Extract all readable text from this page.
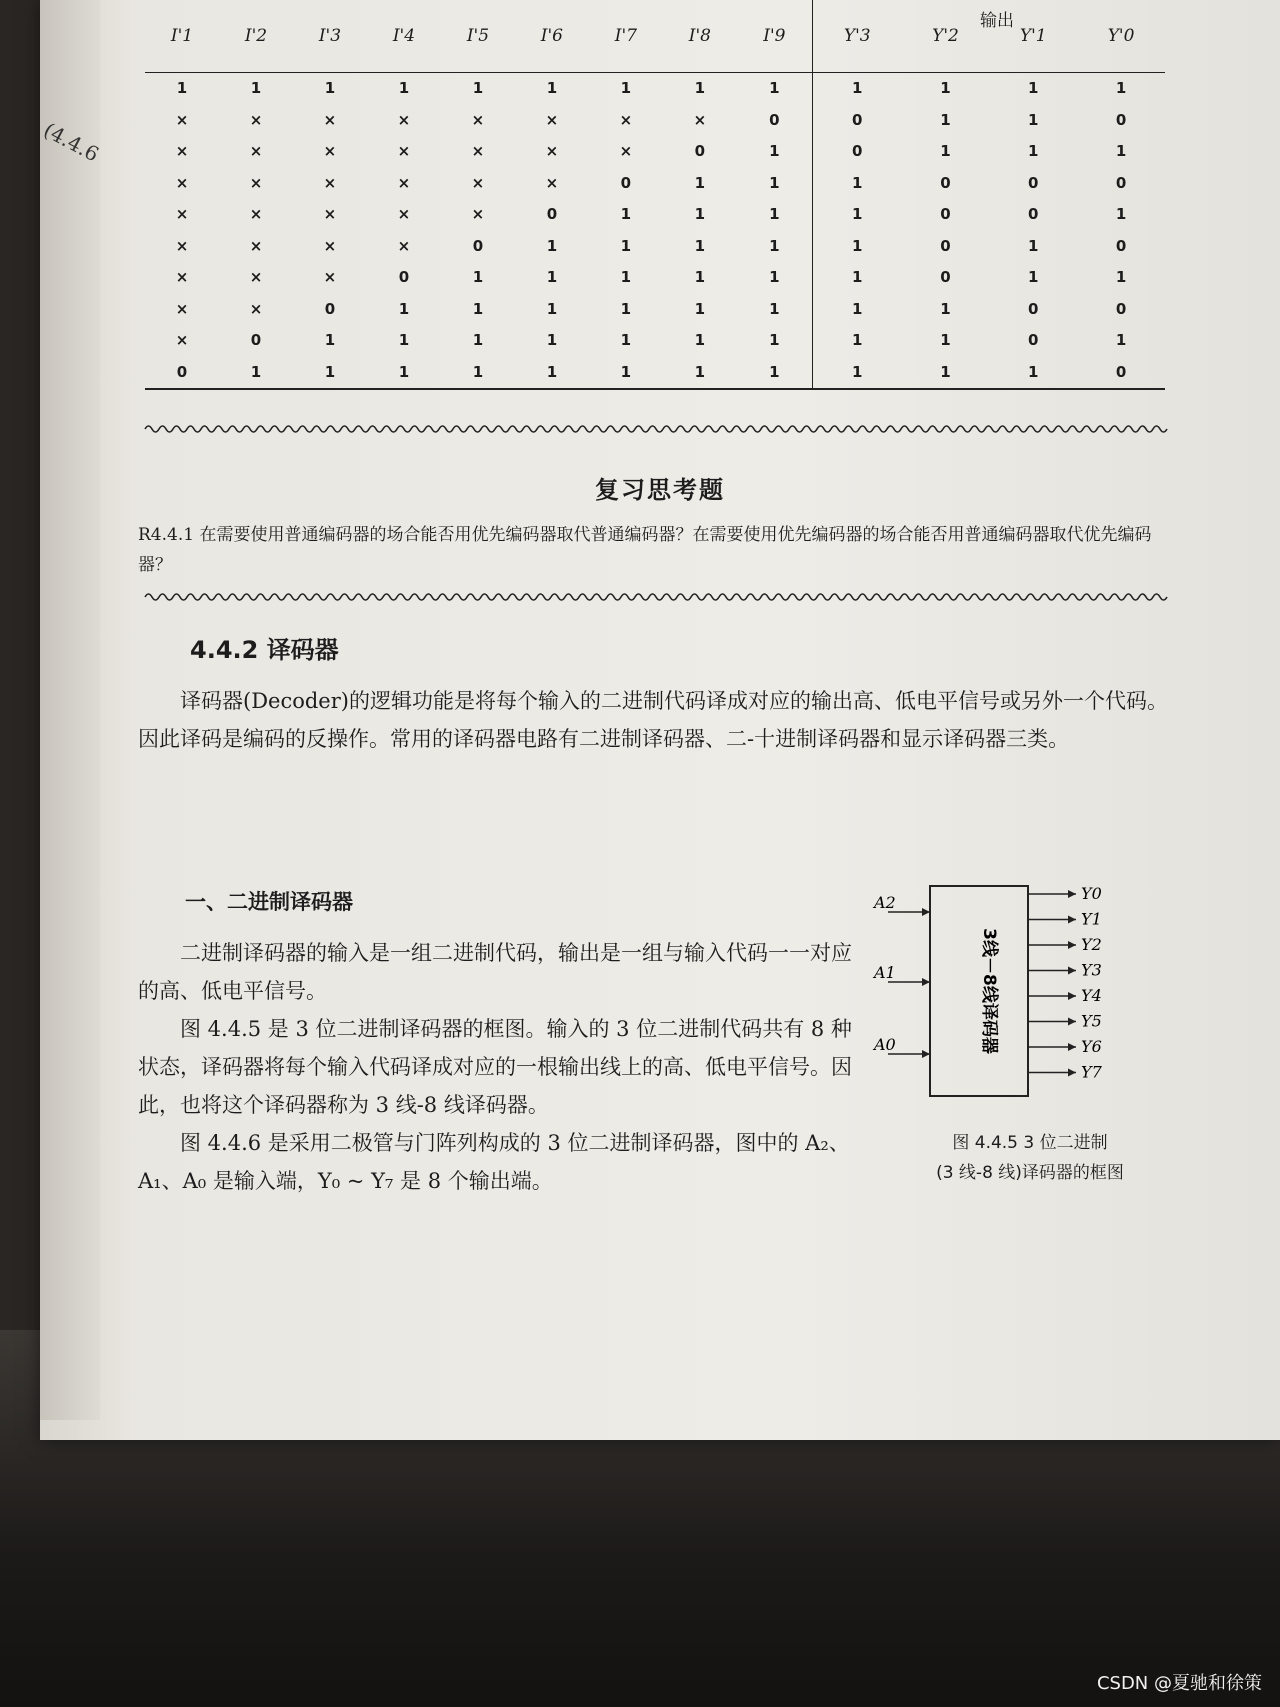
(4.4.6
输出
I'1	I'2	I'3	I'4	I'5	I'6	I'7	I'8	I'9	Y'3	Y'2	Y'1	Y'0
1	1	1	1	1	1	1	1	1	1	1	1	1
×	×	×	×	×	×	×	×	0	0	1	1	0
×	×	×	×	×	×	×	0	1	0	1	1	1
×	×	×	×	×	×	0	1	1	1	0	0	0
×	×	×	×	×	0	1	1	1	1	0	0	1
×	×	×	×	0	1	1	1	1	1	0	1	0
×	×	×	0	1	1	1	1	1	1	0	1	1
×	×	0	1	1	1	1	1	1	1	1	0	0
×	0	1	1	1	1	1	1	1	1	1	0	1
0	1	1	1	1	1	1	1	1	1	1	1	0
复习思考题
R4.4.1 在需要使用普通编码器的场合能否用优先编码器取代普通编码器？在需要使用优先编码器的场合能否用普通编码器取代优先编码器？
4.4.2 译码器
译码器(Decoder)的逻辑功能是将每个输入的二进制代码译成对应的输出高、低电平信号或另外一个代码。因此译码是编码的反操作。常用的译码器电路有二进制译码器、二-十进制译码器和显示译码器三类。
一、二进制译码器

二进制译码器的输入是一组二进制代码，输出是一组与输入代码一一对应的高、低电平信号。

图 4.4.5 是 3 位二进制译码器的框图。输入的 3 位二进制代码共有 8 种状态，译码器将每个输入代码译成对应的一根输出线上的高、低电平信号。因此，也将这个译码器称为 3 线-8 线译码器。

图 4.4.6 是采用二极管与门阵列构成的 3 位二进制译码器，图中的 A₂、A₁、A₀ 是输入端，Y₀ ~ Y₇ 是 8 个输出端。

3线－8线译码器
A2
A1
A0
Y0
Y1
Y2
Y3
Y4
Y5
Y6
Y7
图 4.4.5 3 位二进制
(3 线-8 线)译码器的框图
CSDN @夏驰和徐策
